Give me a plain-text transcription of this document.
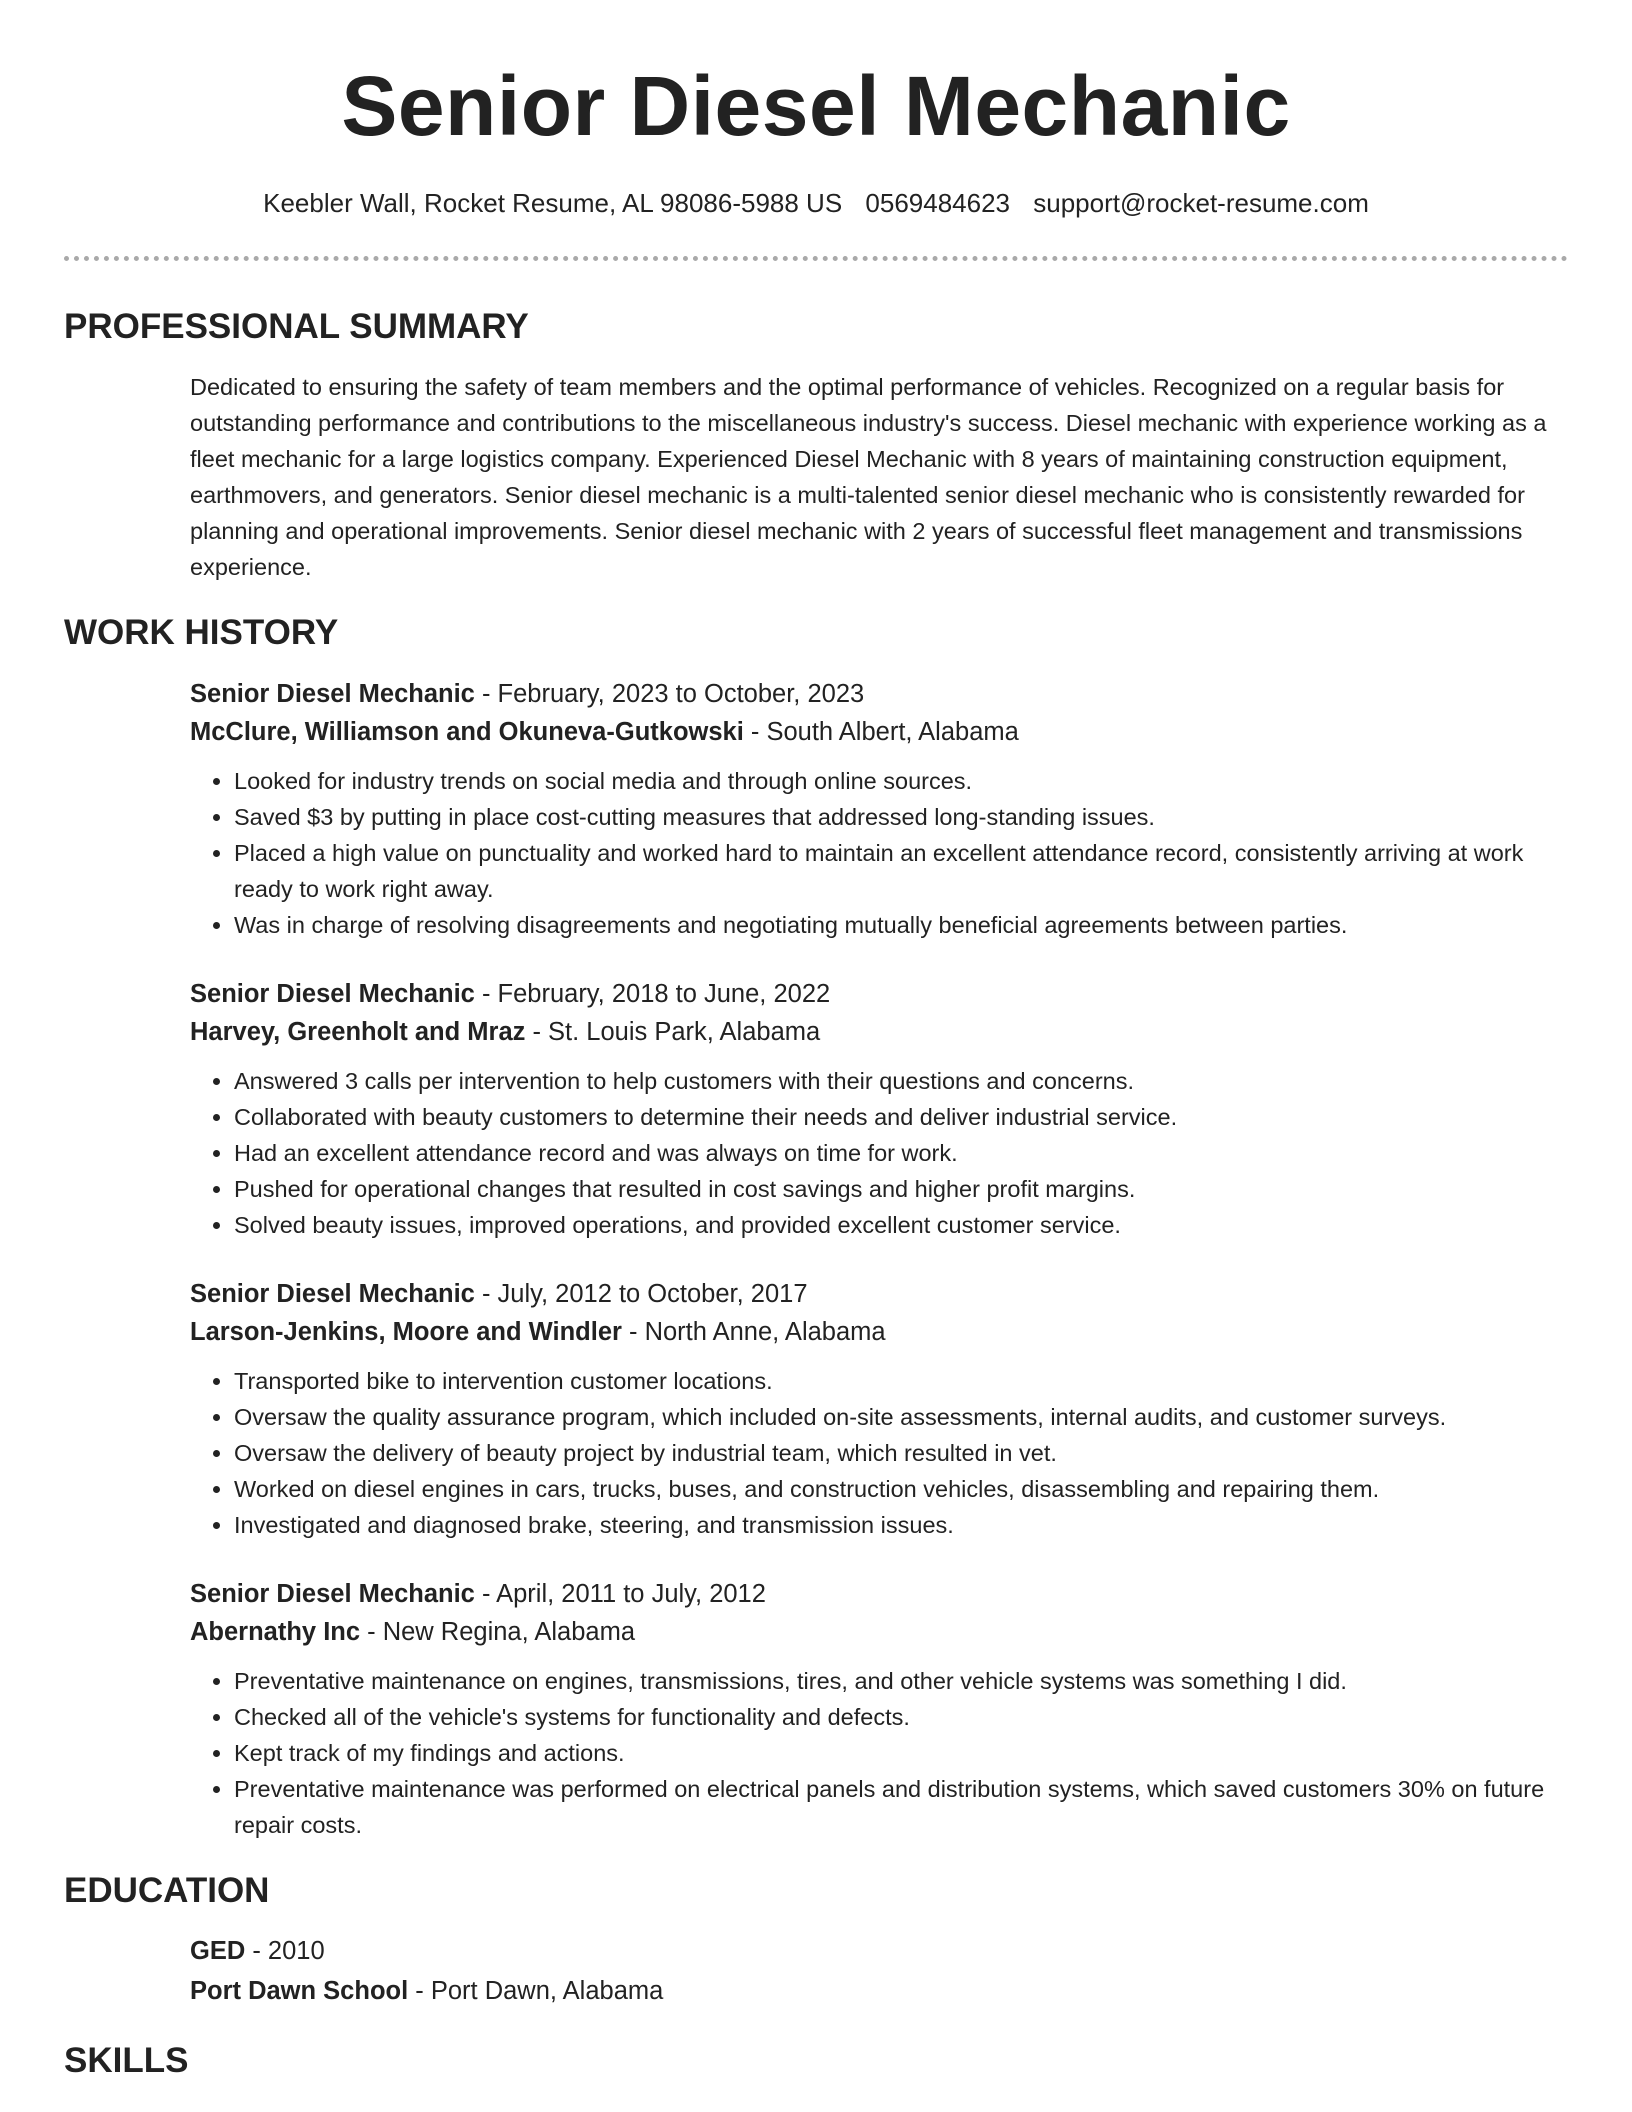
Senior Diesel Mechanic
Keebler Wall, Rocket Resume, AL 98086-5988 US 0569484623 support@rocket-resume.com
PROFESSIONAL SUMMARY

Dedicated to ensuring the safety of team members and the optimal performance of vehicles. Recognized on a regular basis for outstanding performance and contributions to the miscellaneous industry's success. Diesel mechanic with experience working as a fleet mechanic for a large logistics company. Experienced Diesel Mechanic with 8 years of maintaining construction equipment, earthmovers, and generators. Senior diesel mechanic is a multi-talented senior diesel mechanic who is consistently rewarded for planning and operational improvements. Senior diesel mechanic with 2 years of successful fleet management and transmissions experience.

WORK HISTORY

Senior Diesel Mechanic - February, 2023 to October, 2023

McClure, Williamson and Okuneva-Gutkowski - South Albert, Alabama

• Looked for industry trends on social media and through online sources.
• Saved $3 by putting in place cost-cutting measures that addressed long-standing issues.
• Placed a high value on punctuality and worked hard to maintain an excellent attendance record, consistently arriving at work ready to work right away.
• Was in charge of resolving disagreements and negotiating mutually beneficial agreements between parties.

Senior Diesel Mechanic - February, 2018 to June, 2022

Harvey, Greenholt and Mraz - St. Louis Park, Alabama

• Answered 3 calls per intervention to help customers with their questions and concerns.
• Collaborated with beauty customers to determine their needs and deliver industrial service.
• Had an excellent attendance record and was always on time for work.
• Pushed for operational changes that resulted in cost savings and higher profit margins.
• Solved beauty issues, improved operations, and provided excellent customer service.

Senior Diesel Mechanic - July, 2012 to October, 2017

Larson-Jenkins, Moore and Windler - North Anne, Alabama

• Transported bike to intervention customer locations.
• Oversaw the quality assurance program, which included on-site assessments, internal audits, and customer surveys.
• Oversaw the delivery of beauty project by industrial team, which resulted in vet.
• Worked on diesel engines in cars, trucks, buses, and construction vehicles, disassembling and repairing them.
• Investigated and diagnosed brake, steering, and transmission issues.

Senior Diesel Mechanic - April, 2011 to July, 2012

Abernathy Inc - New Regina, Alabama

• Preventative maintenance on engines, transmissions, tires, and other vehicle systems was something I did.
• Checked all of the vehicle's systems for functionality and defects.
• Kept track of my findings and actions.
• Preventative maintenance was performed on electrical panels and distribution systems, which saved customers 30% on future repair costs.
EDUCATION

GED - 2010

Port Dawn School - Port Dawn, Alabama

SKILLS
